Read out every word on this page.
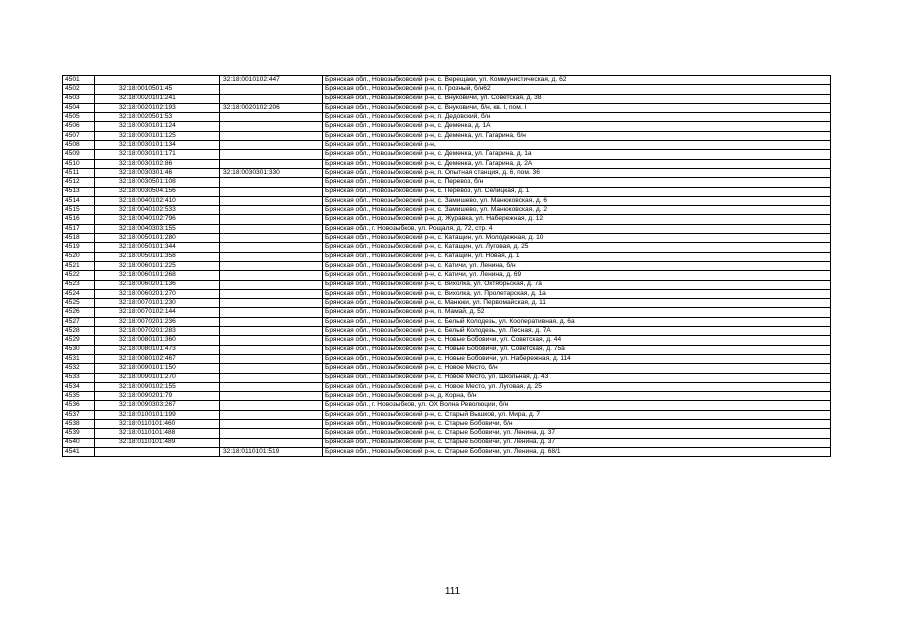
4501		32:18:0010102:447	Брянская обл., Новозыбковский р-н, с. Верещаки, ул. Коммунистическая, д. 62
4502	32:18:0010501:45		Брянская обл., Новозыбковский р-н, п. Грозный, б/н62
4503	32:18:0020101:241		Брянская обл., Новозыбковский р-н, с. Внуковичи, ул. Советская, д. 38
4504	32:18:0020102:193	32:18:0020102:206	Брянская обл., Новозыбковский р-н, с. Внуковичи, б/н, кв. I, пом. I
4505	32:18:0020501:53		Брянская обл., Новозыбковский р-н, п. Дедовский, б/н
4506	32:18:0030101:124		Брянская обл., Новозыбковский р-н, с. Деменка, д. 1А
4507	32:18:0030101:125		Брянская обл., Новозыбковский р-н, с. Деменка, ул. Гагарина, б/н
4508	32:18:0030101:134		Брянская обл., Новозыбковский р-н,
4509	32:18:0030101:171		Брянская обл., Новозыбковский р-н, с. Деменка, ул. Гагарина, д. 1а
4510	32:18:0030102:86		Брянская обл., Новозыбковский р-н, с. Деменка, ул. Гагарина, д. 2А
4511	32:18:0030301:46	32:18:0030301:330	Брянская обл., Новозыбковский р-н, п. Опытная станция, д. 6, пом. 36
4512	32:18:0030501:108		Брянская обл., Новозыбковский р-н, с. Перевоз, б/н
4513	32:18:0030504:156		Брянская обл., Новозыбковский р-н, с. Перевоз, ул. Селицкая, д. 1
4514	32:18:0040102:410		Брянская обл., Новозыбковский р-н, с. Замишево, ул. Манюковская, д. 6
4515	32:18:0040102:533		Брянская обл., Новозыбковский р-н, с. Замишево, ул. Манюковская, д. 2
4516	32:18:0040102:796		Брянская обл., Новозыбковский р-н, д. Журавка, ул. Набережная, д. 12
4517	32:18:0040303:155		Брянская обл., г. Новозыбков, ул. Рощаля, д. 72, стр. 4
4518	32:18:0050101:280		Брянская обл., Новозыбковский р-н, с. Катащин, ул. Молодежная, д. 10
4519	32:18:0050101:344		Брянская обл., Новозыбковский р-н, с. Катащин, ул. Луговая, д. 25
4520	32:18:0050101:358		Брянская обл., Новозыбковский р-н, с. Катащин, ул. Новая, д. 1
4521	32:18:0060101:225		Брянская обл., Новозыбковский р-н, с. Катичи, ул. Ленина, б/н
4522	32:18:0060101:268		Брянская обл., Новозыбковский р-н, с. Катичи, ул. Ленина, д. 69
4523	32:18:0060201:136		Брянская обл., Новозыбковский р-н, с. Вихолка, ул. Октябрьская, д. 7а
4524	32:18:0060201:270		Брянская обл., Новозыбковский р-н, с. Вихолка, ул. Пролетарская, д. 1а
4525	32:18:0070101:230		Брянская обл., Новозыбковский р-н, с. Манюки, ул. Первомайская, д. 11
4526	32:18:0070102:144		Брянская обл., Новозыбковский р-н, п. Мамай, д. 52
4527	32:18:0070201:236		Брянская обл., Новозыбковский р-н, с. Белый Колодезь, ул. Кооперативная, д. 6а
4528	32:18:0070201:283		Брянская обл., Новозыбковский р-н, с. Белый Колодезь, ул. Лесная, д. 7А
4529	32:18:0080101:360		Брянская обл., Новозыбковский р-н, с. Новые Бобовичи, ул. Советская, д. 44
4530	32:18:0080101:473		Брянская обл., Новозыбковский р-н, с. Новые Бобовичи, ул. Советская, д. 75а
4531	32:18:0080102:467		Брянская обл., Новозыбковский р-н, с. Новые Бобовичи, ул. Набережная, д. 114
4532	32:18:0090101:150		Брянская обл., Новозыбковский р-н, с. Новое Место, б/н
4533	32:18:0090101:270		Брянская обл., Новозыбковский р-н, с. Новое Место, ул. Школьная, д. 43
4534	32:18:0090102:155		Брянская обл., Новозыбковский р-н, с. Новое Место, ул. Луговая, д. 25
4535	32:18:0090201:79		Брянская обл., Новозыбковский р-н, д. Корна, б/н
4536	32:18:0090303:267		Брянская обл., г. Новозыбков, ул. ОХ Волна Революции, б/н
4537	32:18:0100101:199		Брянская обл., Новозыбковский р-н, с. Старый Вышков, ул. Мира, д. 7
4538	32:18:0110101:460		Брянская обл., Новозыбковский р-н, с. Старые Бобовичи, б/н
4539	32:18:0110101:488		Брянская обл., Новозыбковский р-н, с. Старые Бобовичи, ул. Ленина, д. 37
4540	32:18:0110101:489		Брянская обл., Новозыбковский р-н, с. Старые Бобовичи, ул. Ленина, д. 37
4541		32:18:0110101:519	Брянская обл., Новозыбковский р-н, с. Старые Бобовичи, ул. Ленина, д. 68/1
111
